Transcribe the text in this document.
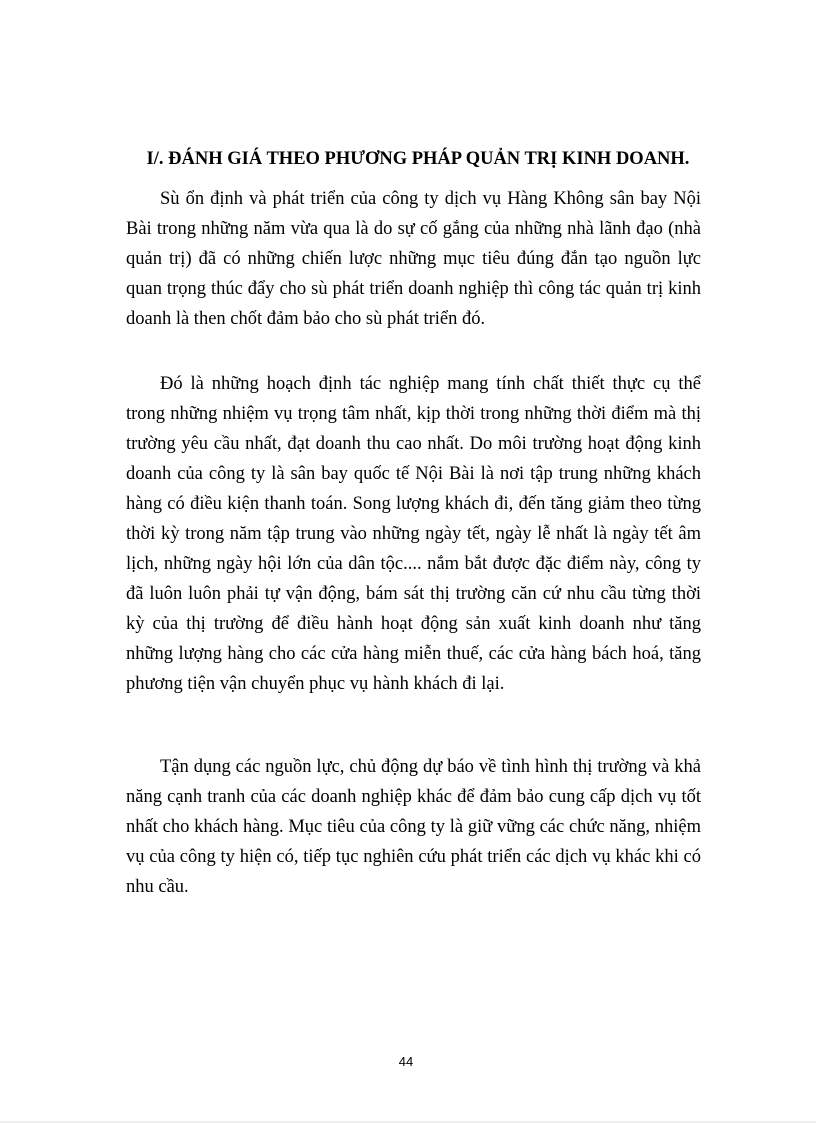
I/. ĐÁNH GIÁ THEO PHƯƠNG PHÁP QUẢN TRỊ KINH DOANH.

Sù ổn định và phát triển của công ty dịch vụ Hàng Không sân bay Nội Bài trong những năm vừa qua là do sự cố gắng của những nhà lãnh đạo (nhà quản trị) đã có những chiến lược những mục tiêu đúng đắn tạo nguồn lực quan trọng thúc đẩy cho sù phát triển doanh nghiệp thì công tác quản trị kinh doanh là then chốt đảm bảo cho sù phát triển đó.

Đó là những hoạch định tác nghiệp mang tính chất thiết thực cụ thể trong những nhiệm vụ trọng tâm nhất, kịp thời trong những thời điểm mà thị trường yêu cầu nhất, đạt doanh thu cao nhất. Do môi trường hoạt động kinh doanh của công ty là sân bay quốc tế Nội Bài là nơi tập trung những khách hàng có điều kiện thanh toán. Song lượng khách đi, đến tăng giảm theo từng thời kỳ trong năm tập trung vào những ngày tết, ngày lễ nhất là ngày tết âm lịch, những ngày hội lớn của dân tộc.... nắm bắt được đặc điểm này, công ty đã luôn luôn phải tự vận động, bám sát thị trường căn cứ nhu cầu từng thời kỳ của thị trường để điều hành hoạt động sản xuất kinh doanh như tăng những lượng hàng cho các cửa hàng miễn thuế, các cửa hàng bách hoá, tăng phương tiện vận chuyển phục vụ hành khách đi lại.

Tận dụng các nguồn lực, chủ động dự báo về tình hình thị trường và khả năng cạnh tranh của các doanh nghiệp khác để đảm bảo cung cấp dịch vụ tốt nhất cho khách hàng. Mục tiêu của công ty là giữ vững các chức năng, nhiệm vụ của công ty hiện có, tiếp tục nghiên cứu phát triển các dịch vụ khác khi có nhu cầu.

44
